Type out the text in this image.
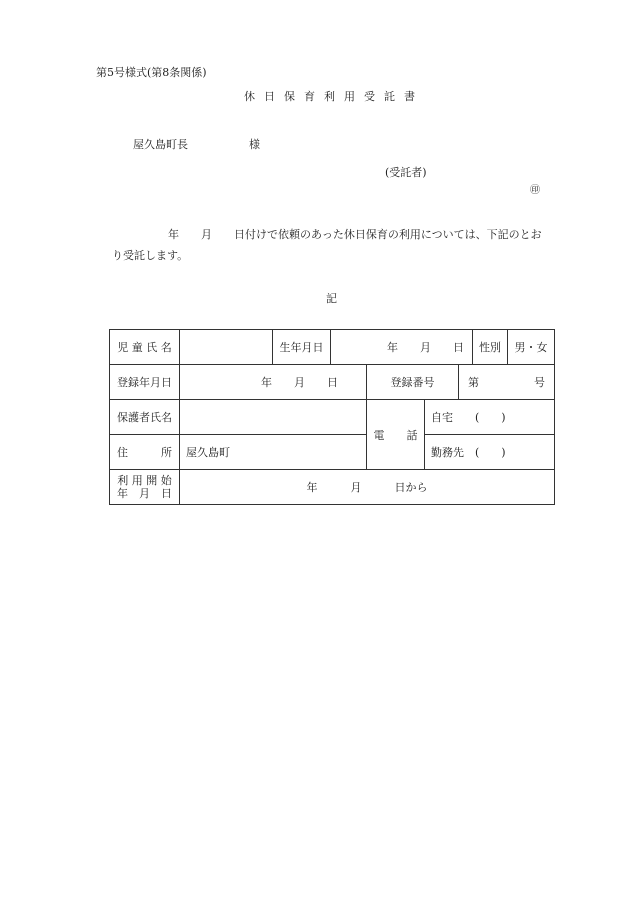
第5号様式(第8条関係)
休日保育利用受託書
屋久島町長	様
(受託者)
㊞
年　　月　　日付けで依頼のあった休日保育の利用については、下記のとお
り受託します。
記
児 童 氏 名		生年月日	年　　月　　日				性別	男・女
登録年月日	年　　月　　日			登録番号		第　　　　　号		
保護者氏名				電　　話	自宅　　(　　)			
住　　　所	屋久島町				勤務先　(　　)			

利 用 開 始
年　月　日	年　　　月　　　日から							
